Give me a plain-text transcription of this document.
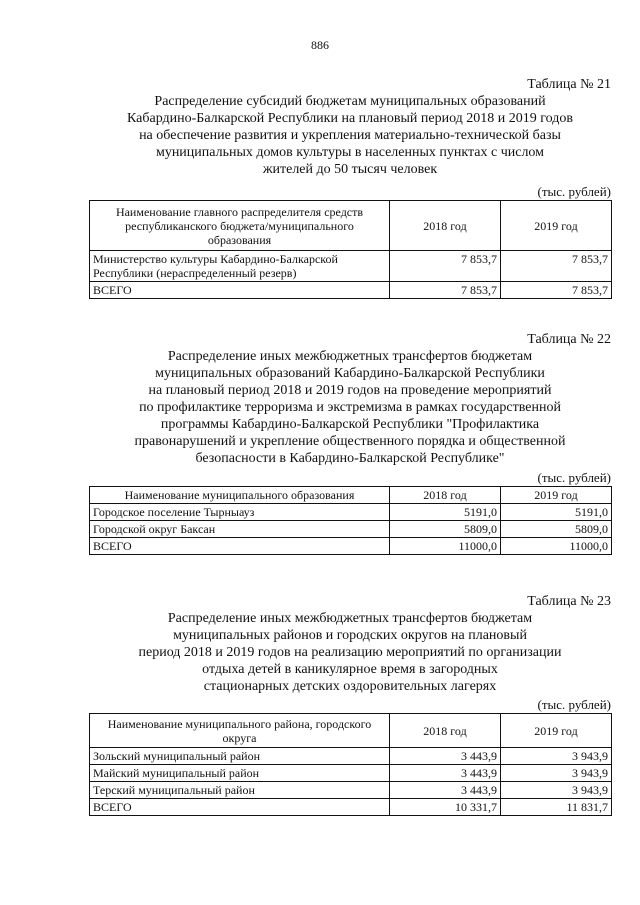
886
Таблица № 21
Распределение субсидий бюджетам муниципальных образований
Кабардино-Балкарской Республики на плановый период 2018 и 2019 годов
на обеспечение развития и укрепления материально-технической базы
муниципальных домов культуры в населенных пунктах с числом
жителей до 50 тысяч человек
(тыс. рублей)
Наименование главного распределителя средств республиканского бюджета/муниципального образования	2018 год	2019 год
Министерство культуры Кабардино-Балкарской Республики (нераспределенный резерв)	7 853,7	7 853,7
ВСЕГО	7 853,7	7 853,7
Таблица № 22
Распределение иных межбюджетных трансфертов бюджетам
муниципальных образований Кабардино-Балкарской Республики
на плановый период 2018 и 2019 годов на проведение мероприятий
по профилактике терроризма и экстремизма в рамках государственной
программы Кабардино-Балкарской Республики "Профилактика
правонарушений и укрепление общественного порядка и общественной
безопасности в Кабардино-Балкарской Республике"
(тыс. рублей)
Наименование муниципального образования	2018 год	2019 год
Городское поселение Тырныауз	5191,0	5191,0
Городской округ Баксан	5809,0	5809,0
ВСЕГО	11000,0	11000,0
Таблица № 23
Распределение иных межбюджетных трансфертов бюджетам
муниципальных районов и городских округов на плановый
период 2018 и 2019 годов на реализацию мероприятий по организации
отдыха детей в каникулярное время в загородных
стационарных детских оздоровительных лагерях
(тыс. рублей)
Наименование муниципального района, городского округа	2018 год	2019 год
Зольский муниципальный район	3 443,9	3 943,9
Майский муниципальный район	3 443,9	3 943,9
Терский муниципальный район	3 443,9	3 943,9
ВСЕГО	10 331,7	11 831,7
